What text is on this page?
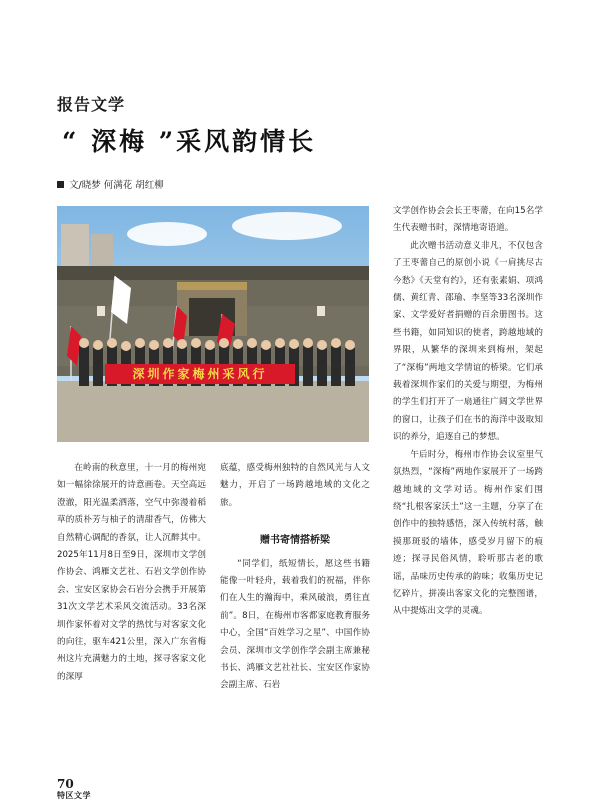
报告文学
“ 深梅 ”采风韵情长
文/晓梦 何满花 胡红柳
深圳作家梅州采风行

在岭南的秋意里，十一月的梅州宛如一幅徐徐展开的诗意画卷。天空高远澄澈，阳光温柔洒落，空气中弥漫着稻草的质朴芳与柚子的清甜香气，仿佛大自然精心调配的香氛，让人沉醉其中。2025年11月8日至9日，深圳市文学创作协会、鸿雁文艺社、石岩文学创作协会、宝安区家协会石岩分会携手开展第31次文学艺术采风交流活动。33名深圳作家怀着对文学的热忱与对客家文化的向往，驱车421公里，深入广东省梅州这片充满魅力的土地，探寻客家文化的深厚

底蕴，感受梅州独特的自然风光与人文魅力，开启了一场跨越地域的文化之旅。

赠书寄情搭桥梁

“同学们，纸短情长，愿这些书籍能像一叶轻舟，载着我们的祝福，伴你们在人生的瀚海中，乘风破浪，勇往直前”。8日，在梅州市客都家庭教育服务中心，全国“百姓学习之星”、中国作协会员、深圳市文学创作学会副主席兼秘书长、鸿雁文艺社社长、宝安区作家协会副主席、石岩

文学创作协会会长王枣薷，在向15名学生代表赠书时，深情地寄语道。

此次赠书活动意义非凡，不仅包含了王枣薷自己的原创小说《一肩挑尽古今愁》《天堂有约》，还有张素娟、项鸿儒、黄红青、邵瑜、李坚等33名深圳作家、文学爱好者捐赠的百余册图书。这些书籍，如同知识的使者，跨越地域的界限，从繁华的深圳来到梅州，架起了“深梅”两地文学情谊的桥梁。它们承载着深圳作家们的关爱与期望，为梅州的学生们打开了一扇通往广阔文学世界的窗口，让孩子们在书的海洋中汲取知识的养分，追逐自己的梦想。

午后时分，梅州市作协会议室里气氛热烈，“深梅”两地作家展开了一场跨越地域的文学对话。梅州作家们围绕“扎根客家沃土”这一主题，分享了在创作中的独特感悟，深入传统村落，触摸那斑驳的墙体，感受岁月留下的痕迹；探寻民俗风情，聆听那古老的歌谣，品味历史传承的韵味；收集历史记忆碎片，拼凑出客家文化的完整图谱，从中提炼出文学的灵魂。

70
特区文学
